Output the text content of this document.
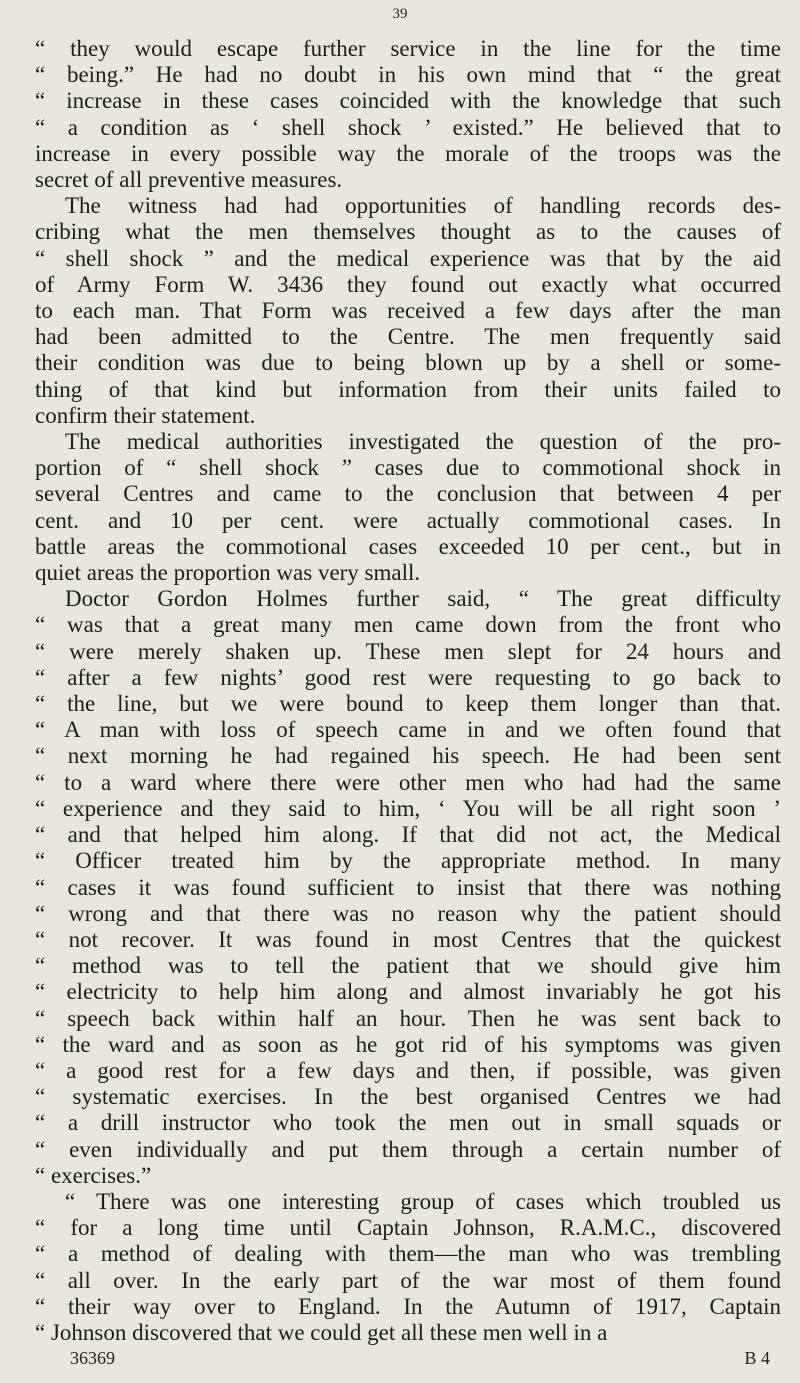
39

“ they would escape further service in the line for the time
“ being.” He had no doubt in his own mind that “ the great
“ increase in these cases coincided with the knowledge that such
“ a condition as ‘ shell shock ’ existed.” He believed that to
increase in every possible way the morale of the troops was the
secret of all preventive measures.

The witness had had opportunities of handling records des-
cribing what the men themselves thought as to the causes of
“ shell shock ” and the medical experience was that by the aid
of Army Form W. 3436 they found out exactly what occurred
to each man. That Form was received a few days after the man
had been admitted to the Centre. The men frequently said
their condition was due to being blown up by a shell or some-
thing of that kind but information from their units failed to
confirm their statement.

The medical authorities investigated the question of the pro-
portion of “ shell shock ” cases due to commotional shock in
several Centres and came to the conclusion that between 4 per
cent. and 10 per cent. were actually commotional cases. In
battle areas the commotional cases exceeded 10 per cent., but in
quiet areas the proportion was very small.

Doctor Gordon Holmes further said, “ The great difficulty
“ was that a great many men came down from the front who
“ were merely shaken up. These men slept for 24 hours and
“ after a few nights’ good rest were requesting to go back to
“ the line, but we were bound to keep them longer than that.
“ A man with loss of speech came in and we often found that
“ next morning he had regained his speech. He had been sent
“ to a ward where there were other men who had had the same
“ experience and they said to him, ‘ You will be all right soon ’
“ and that helped him along. If that did not act, the Medical
“ Officer treated him by the appropriate method. In many
“ cases it was found sufficient to insist that there was nothing
“ wrong and that there was no reason why the patient should
“ not recover. It was found in most Centres that the quickest
“ method was to tell the patient that we should give him
“ electricity to help him along and almost invariably he got his
“ speech back within half an hour. Then he was sent back to
“ the ward and as soon as he got rid of his symptoms was given
“ a good rest for a few days and then, if possible, was given
“ systematic exercises. In the best organised Centres we had
“ a drill instructor who took the men out in small squads or
“ even individually and put them through a certain number of
“ exercises.”

“ There was one interesting group of cases which troubled us
“ for a long time until Captain Johnson, R.A.M.C., discovered
“ a method of dealing with them—the man who was trembling
“ all over. In the early part of the war most of them found
“ their way over to England. In the Autumn of 1917, Captain
“ Johnson discovered that we could get all these men well in a

36369	B 4
